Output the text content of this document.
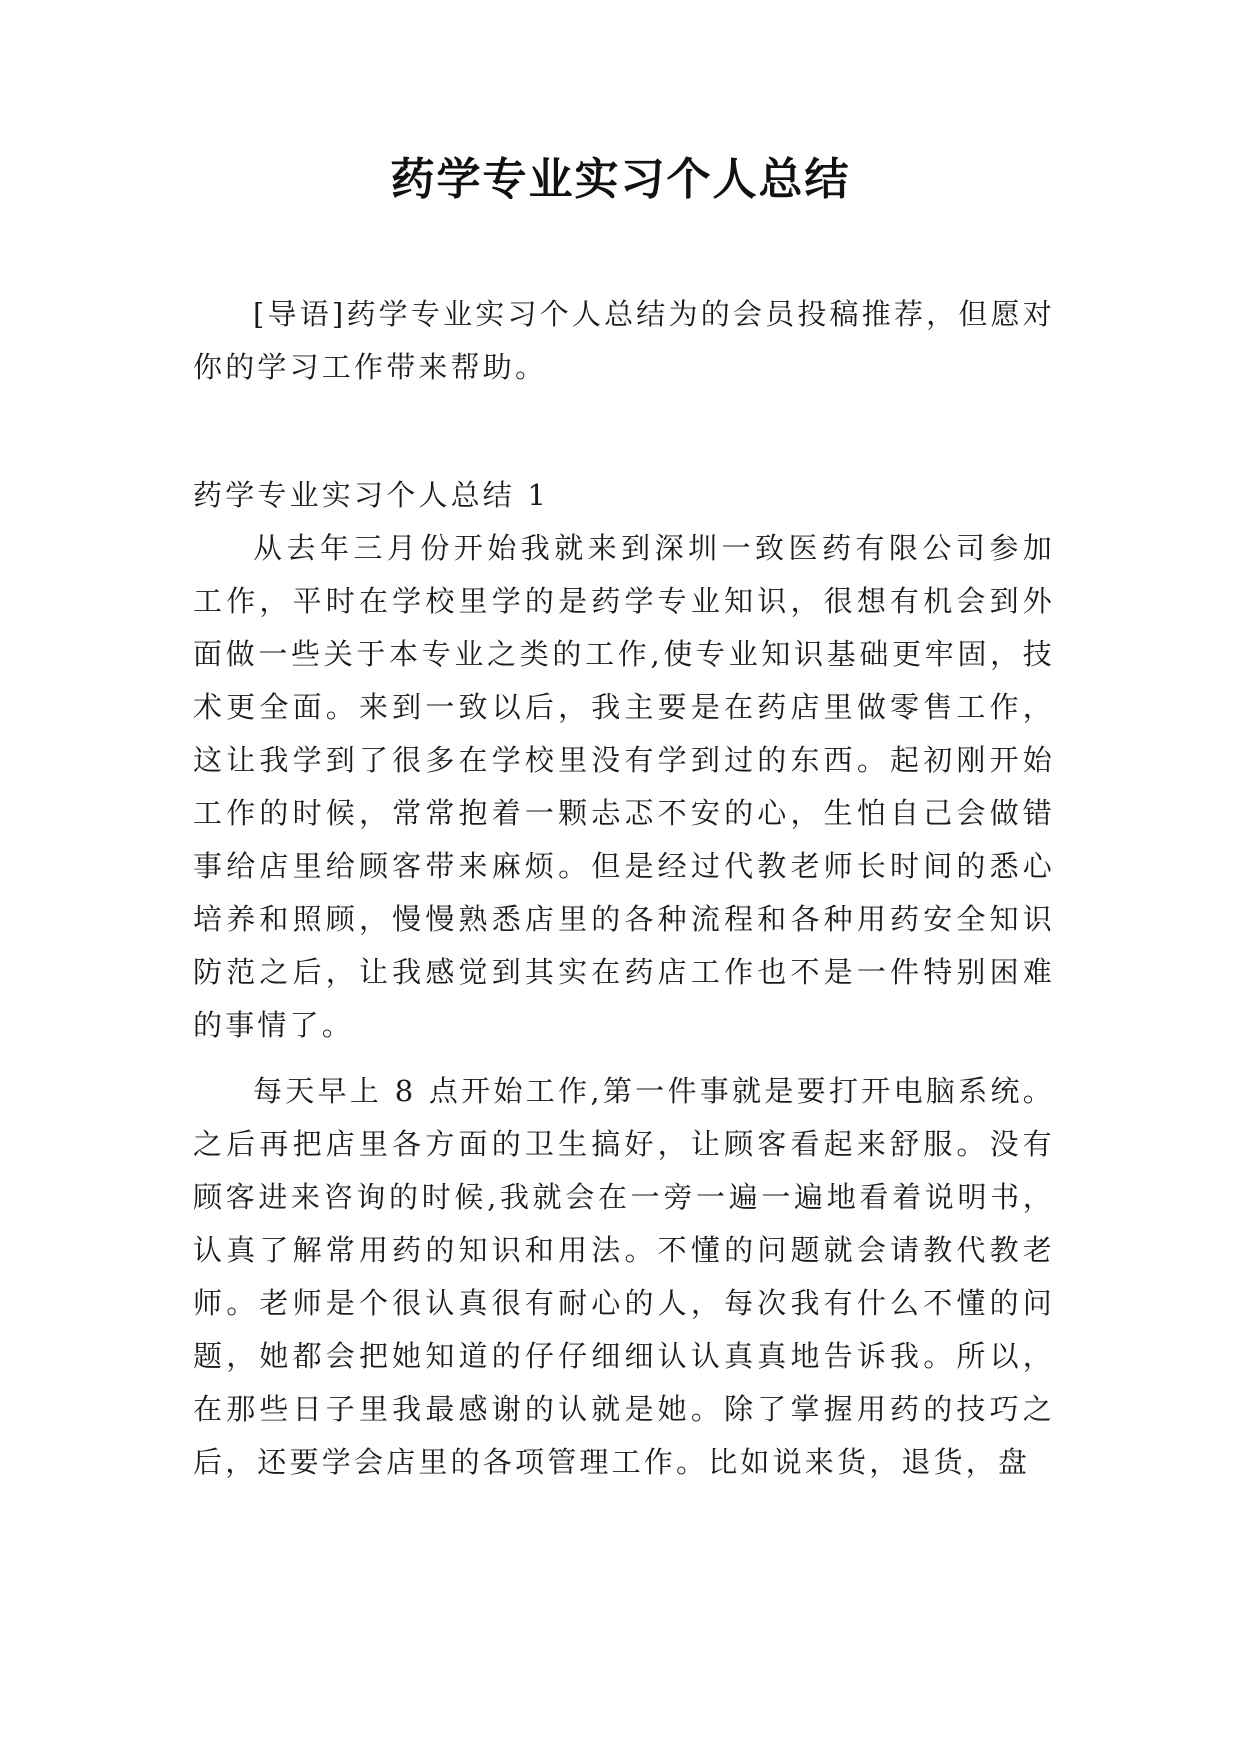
药学专业实习个人总结

[导语]药学专业实习个人总结为的会员投稿推荐，但愿对你的学习工作带来帮助。

药学专业实习个人总结 1

从去年三月份开始我就来到深圳一致医药有限公司参加工作，平时在学校里学的是药学专业知识，很想有机会到外面做一些关于本专业之类的工作,使专业知识基础更牢固，技术更全面。来到一致以后，我主要是在药店里做零售工作，这让我学到了很多在学校里没有学到过的东西。起初刚开始工作的时候，常常抱着一颗忐忑不安的心，生怕自己会做错事给店里给顾客带来麻烦。但是经过代教老师长时间的悉心培养和照顾，慢慢熟悉店里的各种流程和各种用药安全知识防范之后，让我感觉到其实在药店工作也不是一件特别困难的事情了。

每天早上 8 点开始工作,第一件事就是要打开电脑系统。之后再把店里各方面的卫生搞好，让顾客看起来舒服。没有顾客进来咨询的时候,我就会在一旁一遍一遍地看着说明书，认真了解常用药的知识和用法。不懂的问题就会请教代教老师。老师是个很认真很有耐心的人，每次我有什么不懂的问题，她都会把她知道的仔仔细细认认真真地告诉我。所以，在那些日子里我最感谢的认就是她。除了掌握用药的技巧之后，还要学会店里的各项管理工作。比如说来货，退货，盘
